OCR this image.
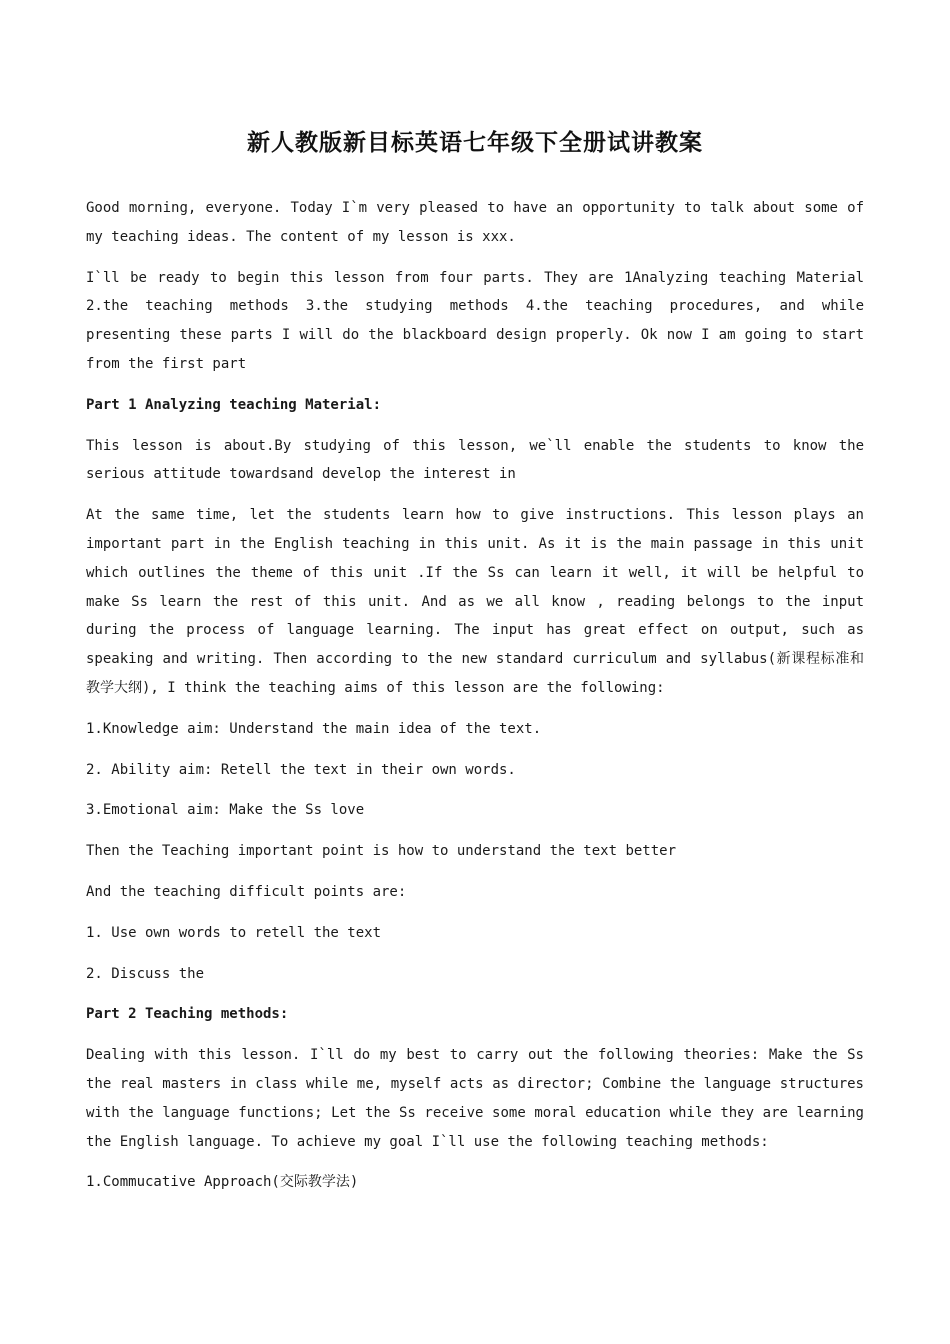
新人教版新目标英语七年级下全册试讲教案

Good morning, everyone. Today I`m very pleased to have an opportunity to talk about some of my teaching ideas. The content of my lesson is xxx.

I`ll be ready to begin this lesson from four parts. They are 1Analyzing teaching Material 2.the teaching methods 3.the studying methods 4.the teaching procedures, and while presenting these parts I will do the blackboard design properly. Ok now I am going to start from the first part

Part 1 Analyzing teaching Material:

This lesson is about.By studying of this lesson, we`ll enable the students to know the serious attitude towardsand develop the interest in

At the same time, let the students learn how to give instructions. This lesson plays an important part in the English teaching in this unit. As it is the main passage in this unit which outlines the theme of this unit .If the Ss can learn it well, it will be helpful to make Ss learn the rest of this unit. And as we all know , reading belongs to the input during the process of language learning. The input has great effect on output, such as speaking and writing. Then according to the new standard curriculum and syllabus(新课程标准和教学大纲), I think the teaching aims of this lesson are the following:

1.Knowledge aim: Understand the main idea of the text.

2. Ability aim: Retell the text in their own words.

3.Emotional aim: Make the Ss love

Then the Teaching important point is how to understand the text better

And the teaching difficult points are:

1. Use own words to retell the text

2. Discuss the

Part 2 Teaching methods:

Dealing with this lesson. I`ll do my best to carry out the following theories: Make the Ss the real masters in class while me, myself acts as director; Combine the language structures with the language functions; Let the Ss receive some moral education while they are learning the English language. To achieve my goal I`ll use the following teaching methods:

1.Commucative Approach(交际教学法)
